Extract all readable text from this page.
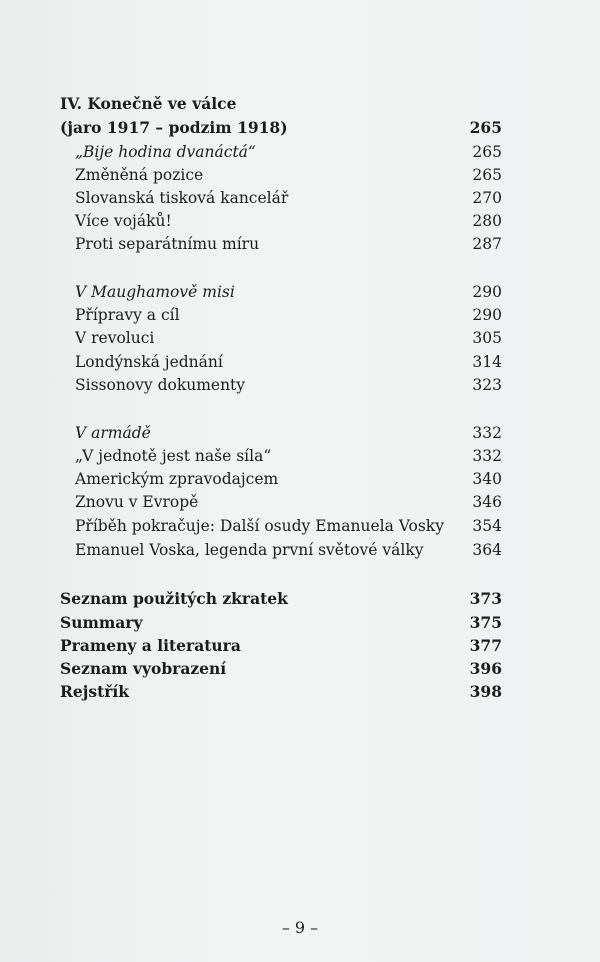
IV. Konečně ve válce
(jaro 1917 – podzim 1918)	265
„Bije hodina dvanáctá“	265
Změněná pozice	265
Slovanská tisková kancelář	270
Více vojáků!	280
Proti separátnímu míru	287
V Maughamově misi	290
Přípravy a cíl	290
V revoluci	305
Londýnská jednání	314
Sissonovy dokumenty	323
V armádě	332
„V jednotě jest naše síla“	332
Americkým zpravodajcem	340
Znovu v Evropě	346
Příběh pokračuje: Další osudy Emanuela Vosky 354
Emanuel Voska, legenda první světové války	364
Seznam použitých zkratek	373
Summary	375
Prameny a literatura	377
Seznam vyobrazení	396
Rejstřík	398
– 9 –
